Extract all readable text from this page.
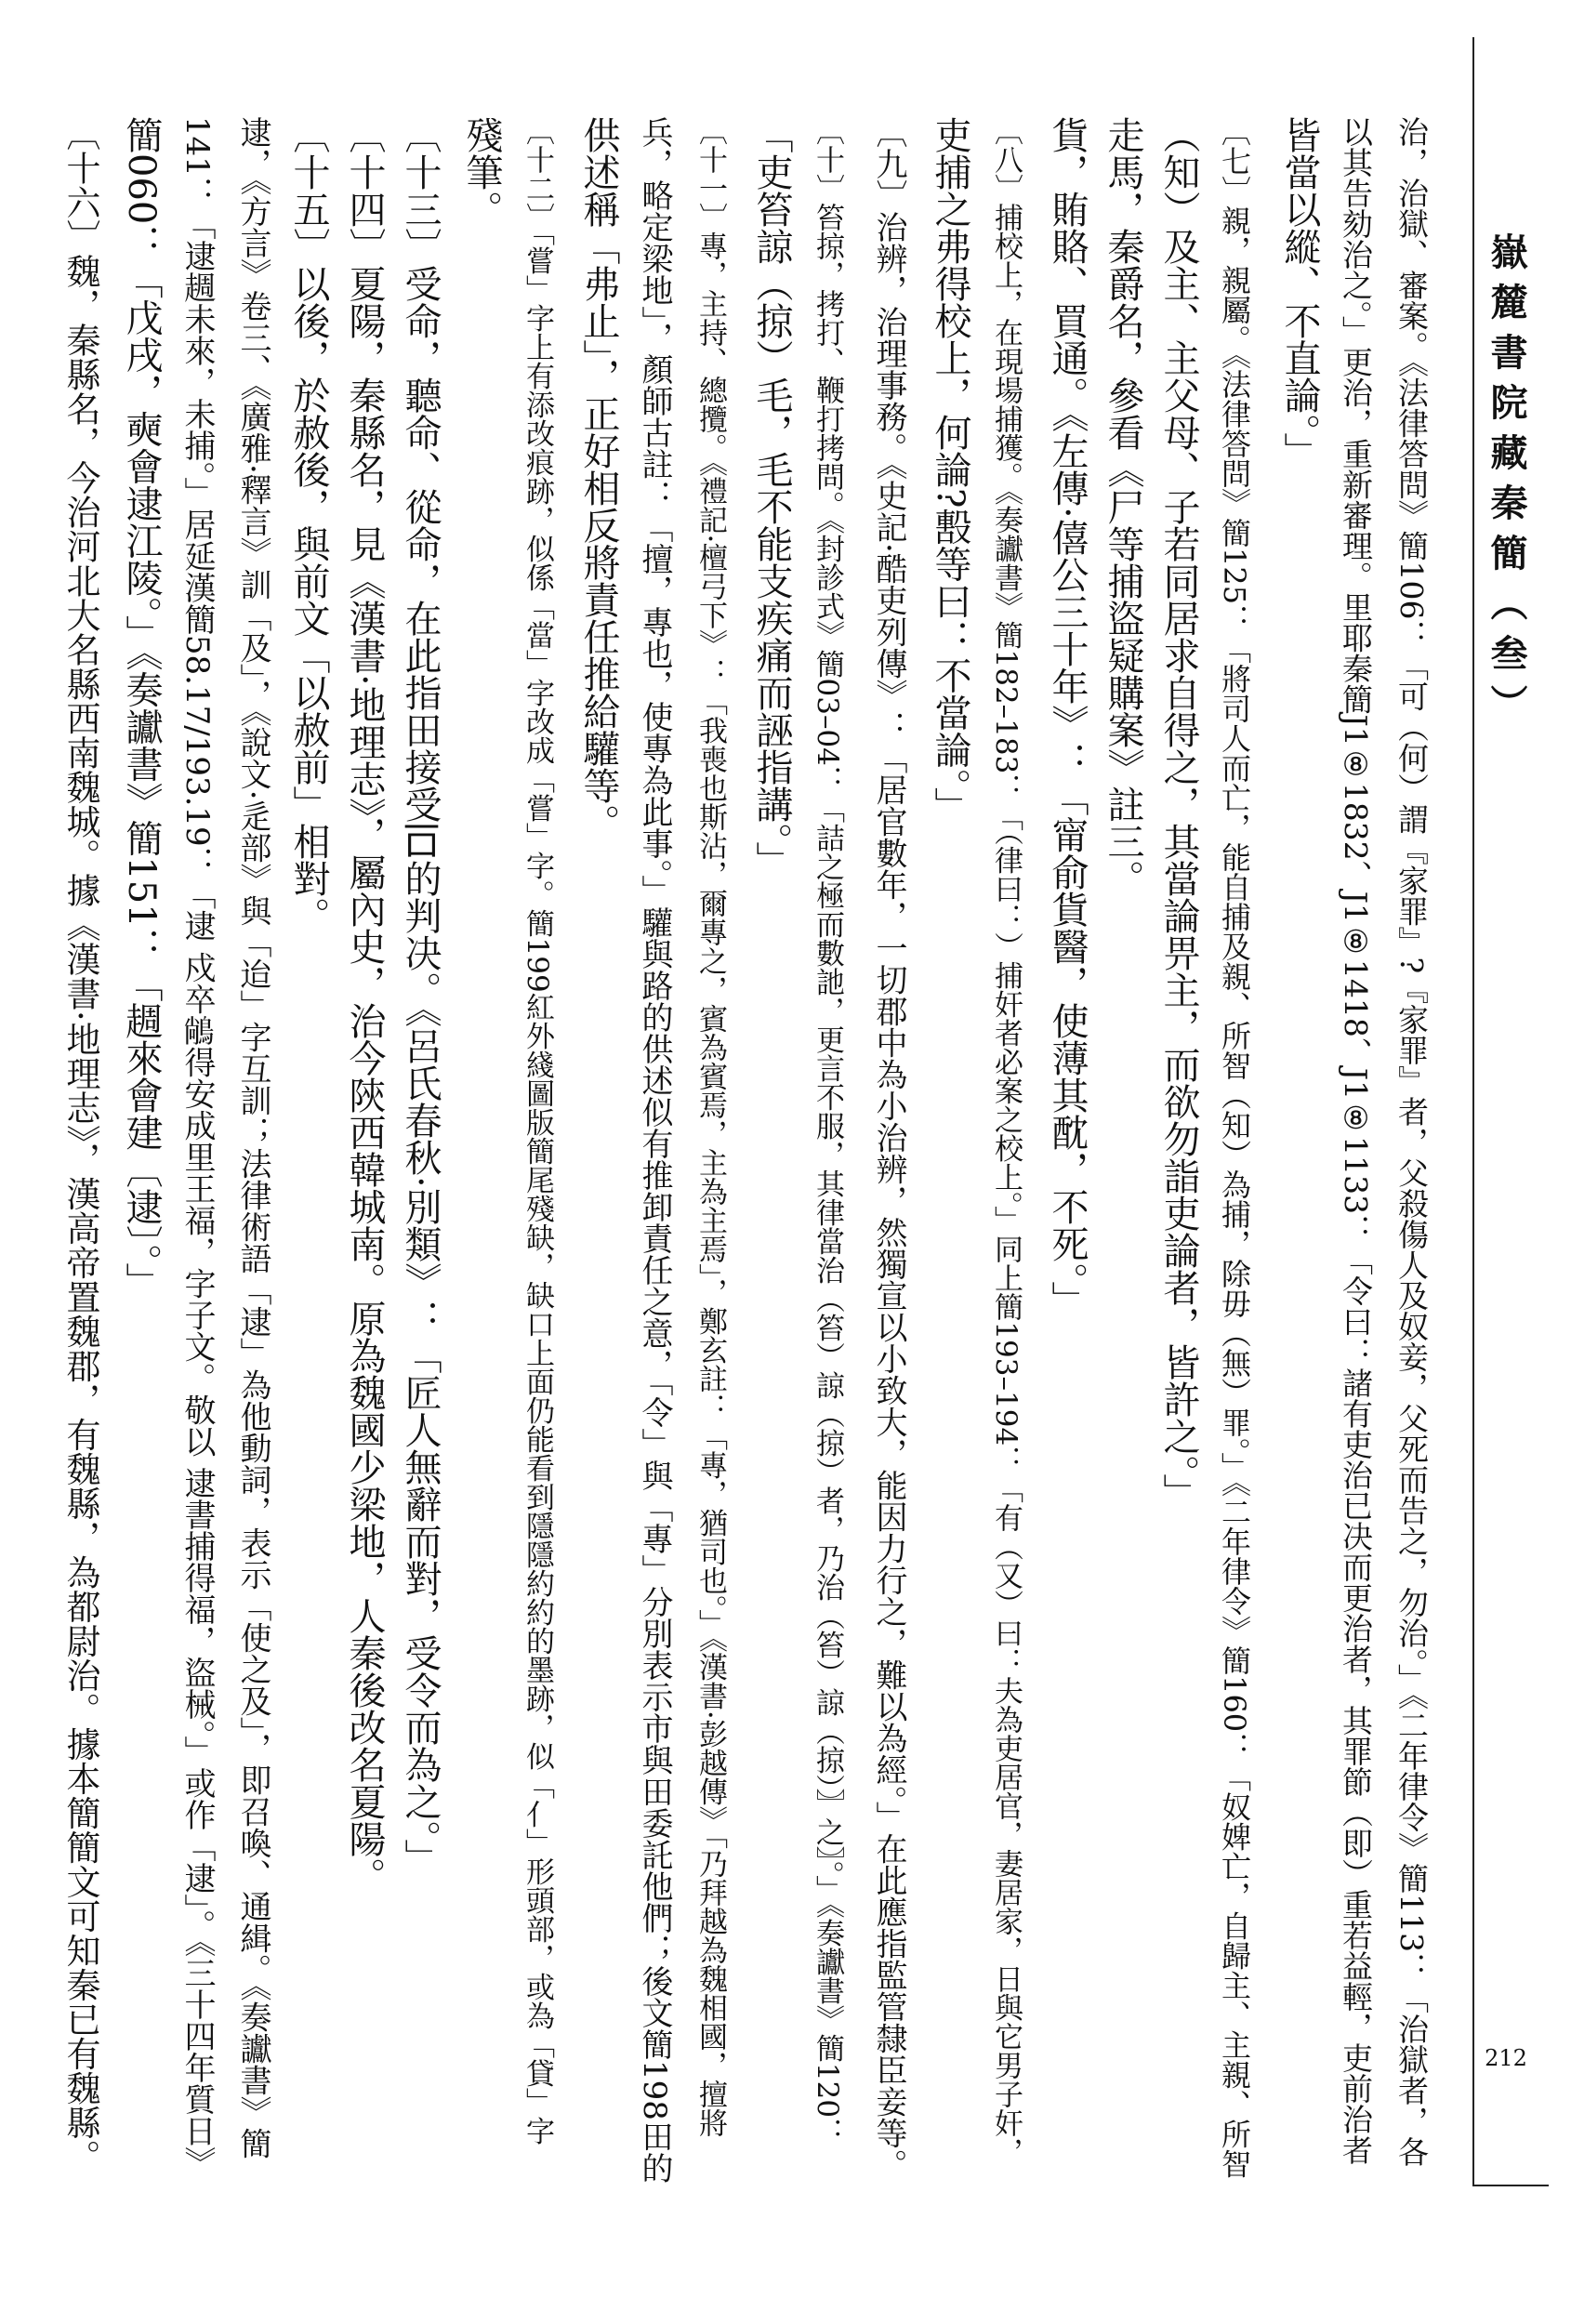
嶽麓書院藏秦簡（叁）
212
治，治獄、審案。《法律答問》簡106：「可（何）謂『家罪』?『家罪』者，父殺傷人及奴妾，父死而告之，勿治。」《二年律令》簡113：「治獄者，各
以其告劾治之。」更治，重新審理。里耶秦簡J1⑧1832、J1⑧1418、J1⑧1133：「令曰：諸有吏治已决而更治者，其罪節（即）重若益輕，吏前治者
皆當以縱、不直論。」
〔七〕親，親屬。《法律答問》簡125：「將司人而亡，能自捕及親、所智（知）為捕，除毋（無）罪。」《二年律令》簡160：「奴婢亡，自歸主、主親、所智
（知）及主、主父母、子若同居求自得之，其當論畀主，而欲勿詣吏論者，皆許之。」
走馬，秦爵名，參看《尸等捕盜疑購案》註三。
貨，賄賂、買通。《左傳·僖公三十年》：「甯俞貨醫，使薄其酖，不死。」
〔八〕捕校上，在現場捕獲。《奏讞書》簡182–183：「（律曰：）捕奸者必案之校上。」同上簡193–194：「有（又）曰：夫為吏居官，妻居家，日與它男子奸，
吏捕之弗得校上，何論?毄等曰：不當論。」
〔九〕治辨，治理事務。《史記·酷吏列傳》：「居官數年，一切郡中為小治辨，然獨宣以小致大，能因力行之，難以為經。」在此應指監管隸臣妾等。
〔十〕笞掠，拷打、鞭打拷問。《封診式》簡03–04：「詰之極而數訑，更言不服，其律當治（笞）諒（掠）者，乃治（笞）諒（掠）〗之〗。」《奏讞書》簡120：
「吏笞諒（掠）毛，毛不能支疾痛而誣指講。」
〔十一〕專，主持、總攬。《禮記·檀弓下》：「我喪也斯沾，爾專之，賓為賓焉，主為主焉」，鄭玄註：「專，猶司也。」《漢書·彭越傳》「乃拜越為魏相國，擅將
兵，略定梁地」，顏師古註：「擅，專也，使專為此事。」驩與路的供述似有推卸責任之意，「令」與「專」分別表示市與田委託他們；後文簡198田的
供述稱「弗止」，正好相反將責任推給驩等。
〔十二〕「嘗」字上有添改痕跡，似係「當」字改成「嘗」字。簡199紅外綫圖版簡尾殘缺，缺口上面仍能看到隱隱約約的墨跡，似「亻」形頭部，或為「貸」字
殘筆。
〔十三〕受命，聽命、從命，在此指田接受𠮛的判决。《呂氏春秋·別類》：「匠人無辭而對，受令而為之。」
〔十四〕夏陽，秦縣名，見《漢書·地理志》，屬內史，治今陝西韓城南。原為魏國少梁地，人秦後改名夏陽。
〔十五〕以後，於赦後，與前文「以赦前」相對。
逮，《方言》卷三、《廣雅·釋言》訓「及」，《說文·辵部》與「迨」字互訓；法律術語「逮」為他動詞，表示「使之及」，即召喚、通緝。《奏讞書》簡
141：「逮䞴未來，未捕。」居延漢簡58.17/193.19：「逮 戍卒𪁺得安成里王福，字子文。敬以 逮書捕得福，盜械。」或作「逮」。《三十四年質日》
簡060：「戊戌，奭會逮江陵。」《奏讞書》簡151：「䞴來會建〔逮〕。」
〔十六〕魏，秦縣名，今治河北大名縣西南魏城。據《漢書·地理志》，漢高帝置魏郡，有魏縣，為都尉治。據本簡簡文可知秦已有魏縣。
